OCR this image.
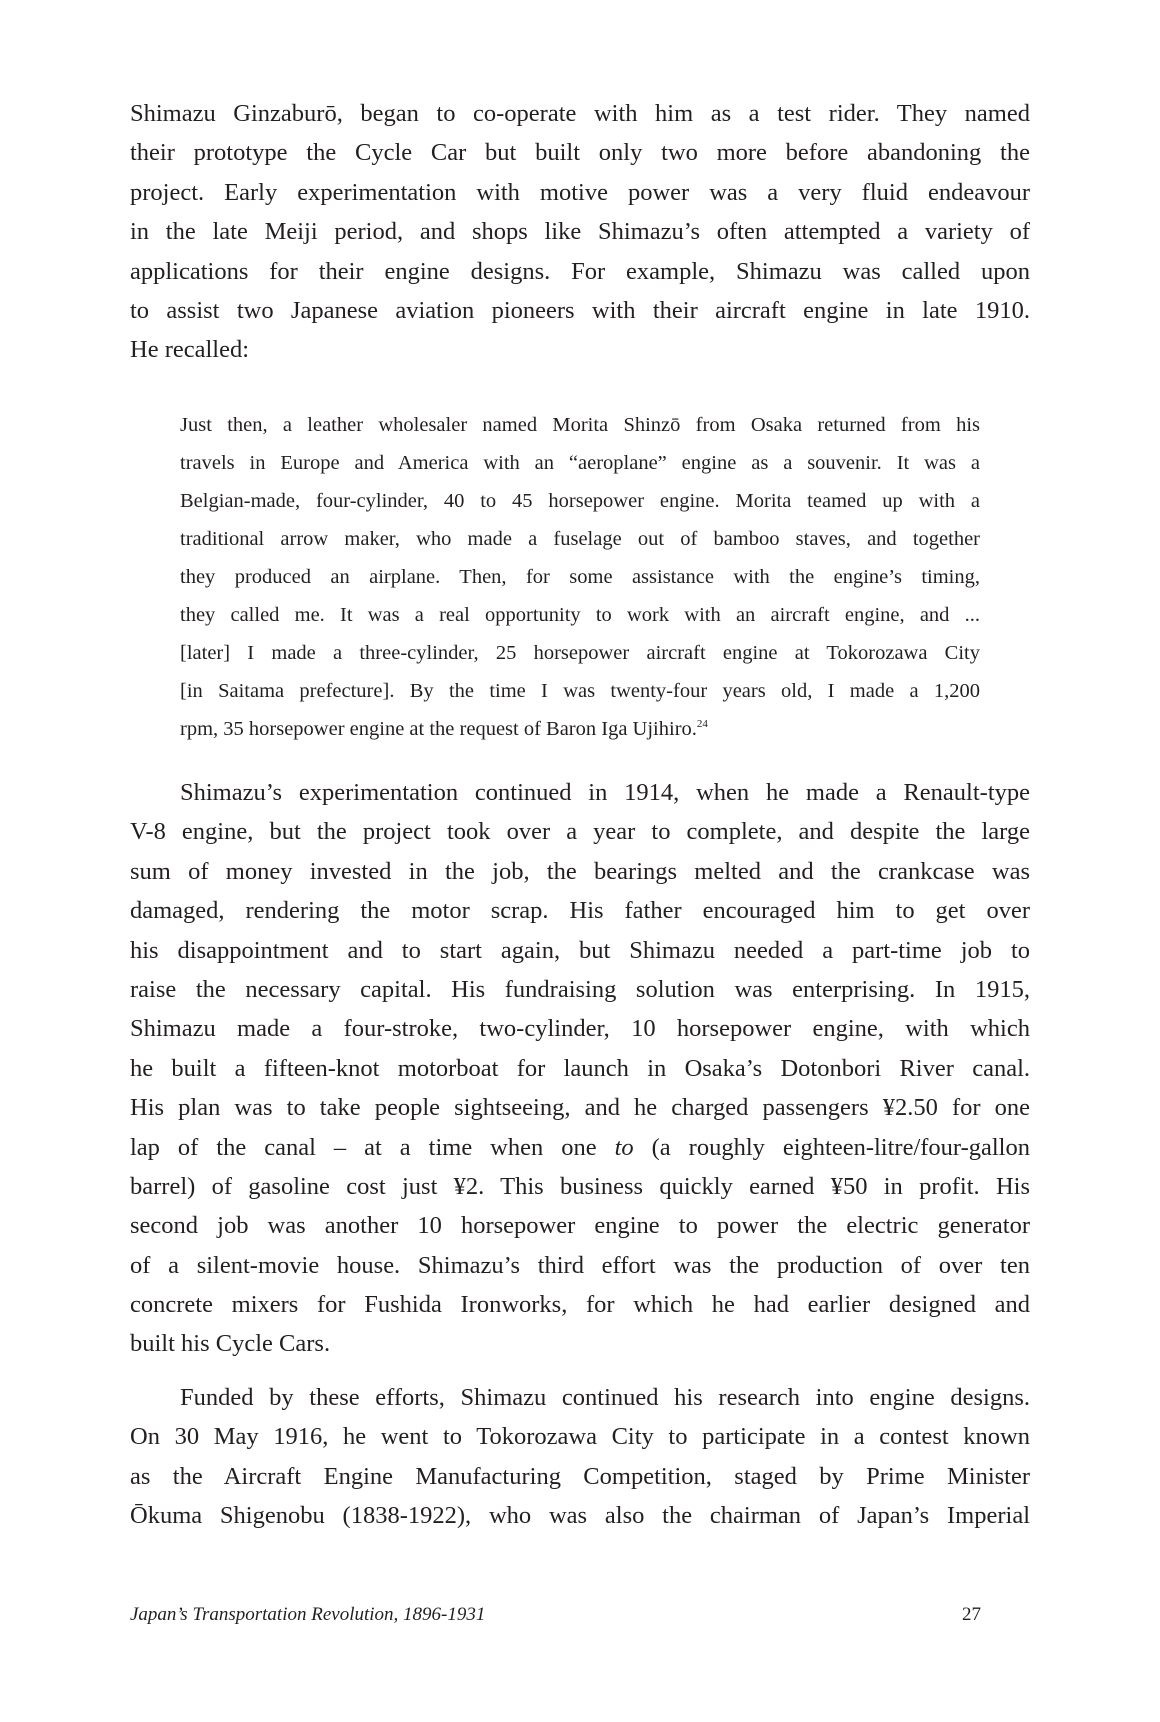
Shimazu Ginzaburō, began to co-operate with him as a test rider. They named
their prototype the Cycle Car but built only two more before abandoning the
project. Early experimentation with motive power was a very fluid endeavour
in the late Meiji period, and shops like Shimazu’s often attempted a variety of
applications for their engine designs. For example, Shimazu was called upon
to assist two Japanese aviation pioneers with their aircraft engine in late 1910.
He recalled:
Just then, a leather wholesaler named Morita Shinzō from Osaka returned from his
travels in Europe and America with an “aeroplane” engine as a souvenir. It was a
Belgian-made, four-cylinder, 40 to 45 horsepower engine. Morita teamed up with a
traditional arrow maker, who made a fuselage out of bamboo staves, and together
they produced an airplane. Then, for some assistance with the engine’s timing,
they called me. It was a real opportunity to work with an aircraft engine, and ...
[later] I made a three-cylinder, 25 horsepower aircraft engine at Tokorozawa City
[in Saitama prefecture]. By the time I was twenty-four years old, I made a 1,200
rpm, 35 horsepower engine at the request of Baron Iga Ujihiro.$^{24}$
Shimazu’s experimentation continued in 1914, when he made a Renault-type
V-8 engine, but the project took over a year to complete, and despite the large
sum of money invested in the job, the bearings melted and the crankcase was
damaged, rendering the motor scrap. His father encouraged him to get over
his disappointment and to start again, but Shimazu needed a part-time job to
raise the necessary capital. His fundraising solution was enterprising. In 1915,
Shimazu made a four-stroke, two-cylinder, 10 horsepower engine, with which
he built a fifteen-knot motorboat for launch in Osaka’s Dotonbori River canal.
His plan was to take people sightseeing, and he charged passengers ¥2.50 for one
lap of the canal – at a time when one to (a roughly eighteen-litre/four-gallon
barrel) of gasoline cost just ¥2. This business quickly earned ¥50 in profit. His
second job was another 10 horsepower engine to power the electric generator
of a silent-movie house. Shimazu’s third effort was the production of over ten
concrete mixers for Fushida Ironworks, for which he had earlier designed and
built his Cycle Cars.
Funded by these efforts, Shimazu continued his research into engine designs.
On 30 May 1916, he went to Tokorozawa City to participate in a contest known
as the Aircraft Engine Manufacturing Competition, staged by Prime Minister
Ōkuma Shigenobu (1838-1922), who was also the chairman of Japan’s Imperial
Japan’s Transportation Revolution, 1896-1931	27
